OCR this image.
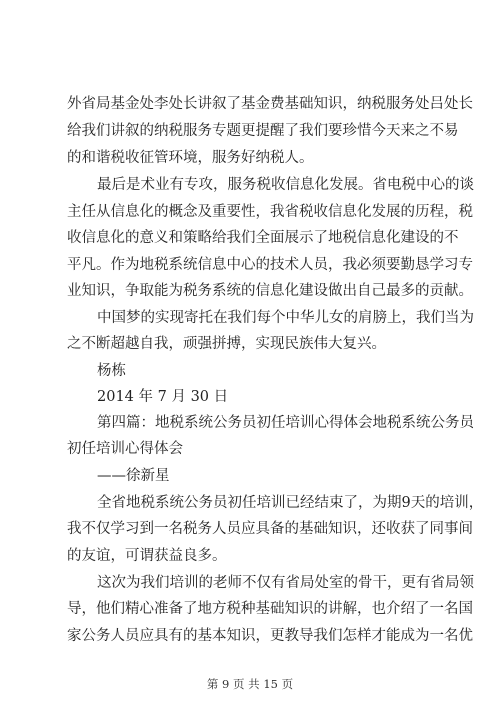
外省局基金处李处长讲叙了基金费基础知识，纳税服务处吕处长
给我们讲叙的纳税服务专题更提醒了我们要珍惜今天来之不易
的和谐税收征管环境，服务好纳税人。
最后是术业有专攻，服务税收信息化发展。省电税中心的谈
主任从信息化的概念及重要性，我省税收信息化发展的历程，税
收信息化的意义和策略给我们全面展示了地税信息化建设的不
平凡。作为地税系统信息中心的技术人员，我必须要勤恳学习专
业知识，争取能为税务系统的信息化建设做出自己最多的贡献。
中国梦的实现寄托在我们每个中华儿女的肩膀上，我们当为
之不断超越自我，顽强拼搏，实现民族伟大复兴。
杨栋
2014 年 7 月 30 日
第四篇：地税系统公务员初任培训心得体会地税系统公务员
初任培训心得体会
——徐新星
全省地税系统公务员初任培训已经结束了，为期9天的培训，
我不仅学习到一名税务人员应具备的基础知识，还收获了同事间
的友谊，可谓获益良多。
这次为我们培训的老师不仅有省局处室的骨干，更有省局领
导，他们精心准备了地方税种基础知识的讲解，也介绍了一名国
家公务人员应具有的基本知识，更教导我们怎样才能成为一名优
第 9 页 共 15 页
